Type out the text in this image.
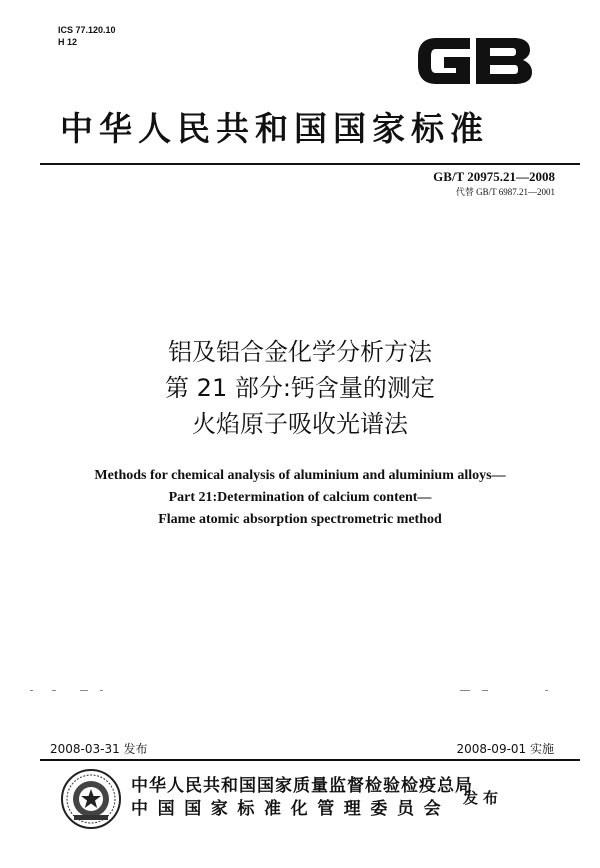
ICS 77.120.10
H 12
中华人民共和国国家标准
GB/T 20975.21—2008
代替 GB/T 6987.21—2001
铝及铝合金化学分析方法
第 21 部分:钙含量的测定
火焰原子吸收光谱法
Methods for chemical analysis of aluminium and aluminium alloys—
Part 21:Determination of calcium content—
Flame atomic absorption spectrometric method
2008-03-31 发布	2008-09-01 实施
中华人民共和国国家质量监督检验检疫总局
中国国家标准化管理委员会
发布
